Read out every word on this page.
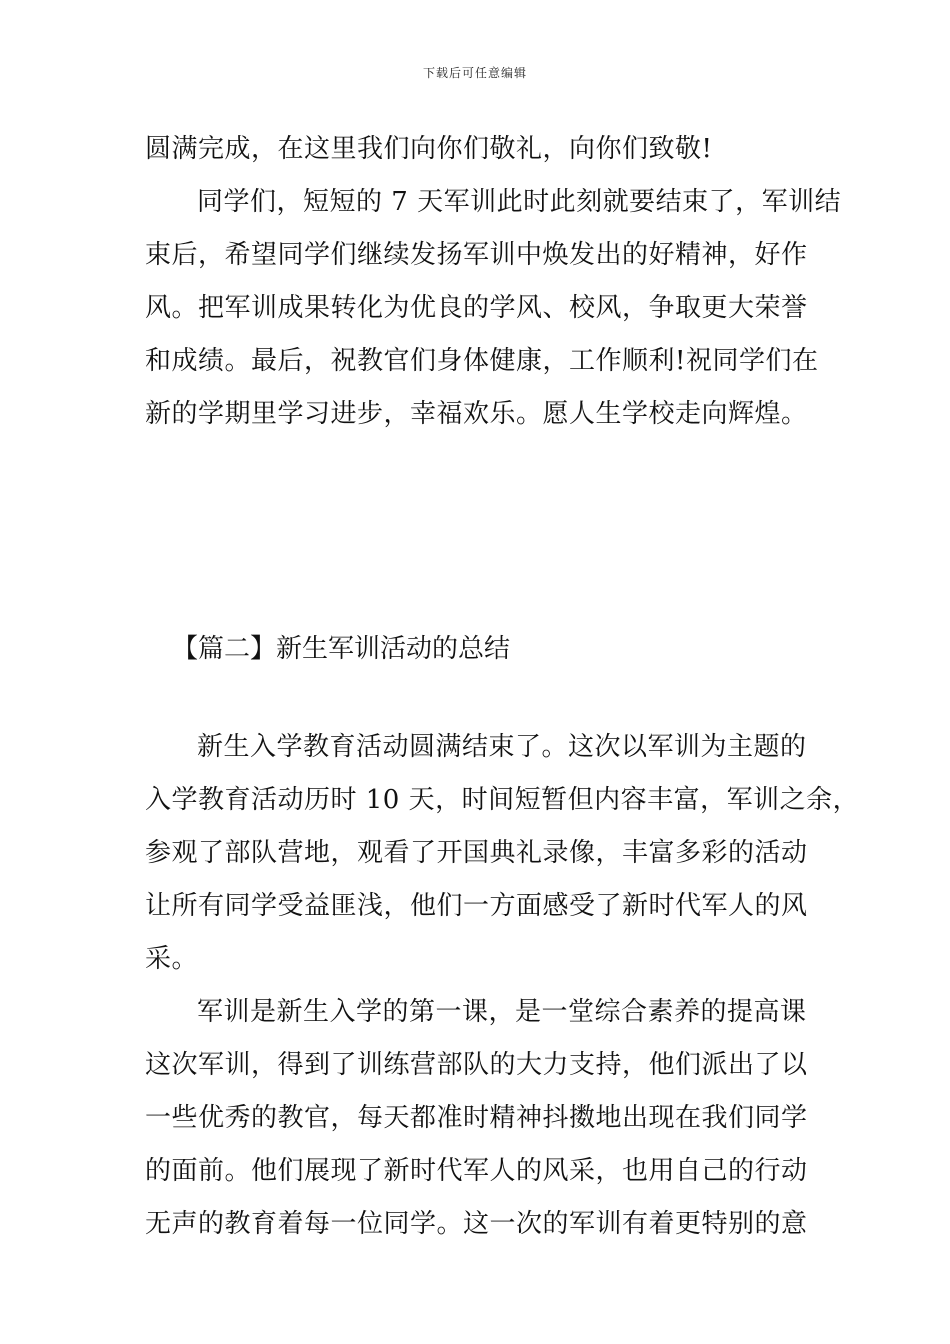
下载后可任意编辑
圆满完成，在这里我们向你们敬礼，向你们致敬!
同学们，短短的 7 天军训此时此刻就要结束了，军训结
束后，希望同学们继续发扬军训中焕发出的好精神，好作
风。把军训成果转化为优良的学风、校风，争取更大荣誉
和成绩。最后，祝教官们身体健康，工作顺利!祝同学们在
新的学期里学习进步，幸福欢乐。愿人生学校走向辉煌。
【篇二】新生军训活动的总结
新生入学教育活动圆满结束了。这次以军训为主题的
入学教育活动历时 10 天，时间短暂但内容丰富，军训之余，
参观了部队营地，观看了开国典礼录像，丰富多彩的活动
让所有同学受益匪浅，他们一方面感受了新时代军人的风
采。
军训是新生入学的第一课，是一堂综合素养的提高课
这次军训，得到了训练营部队的大力支持，他们派出了以
一些优秀的教官，每天都准时精神抖擞地出现在我们同学
的面前。他们展现了新时代军人的风采，也用自己的行动
无声的教育着每一位同学。这一次的军训有着更特别的意
